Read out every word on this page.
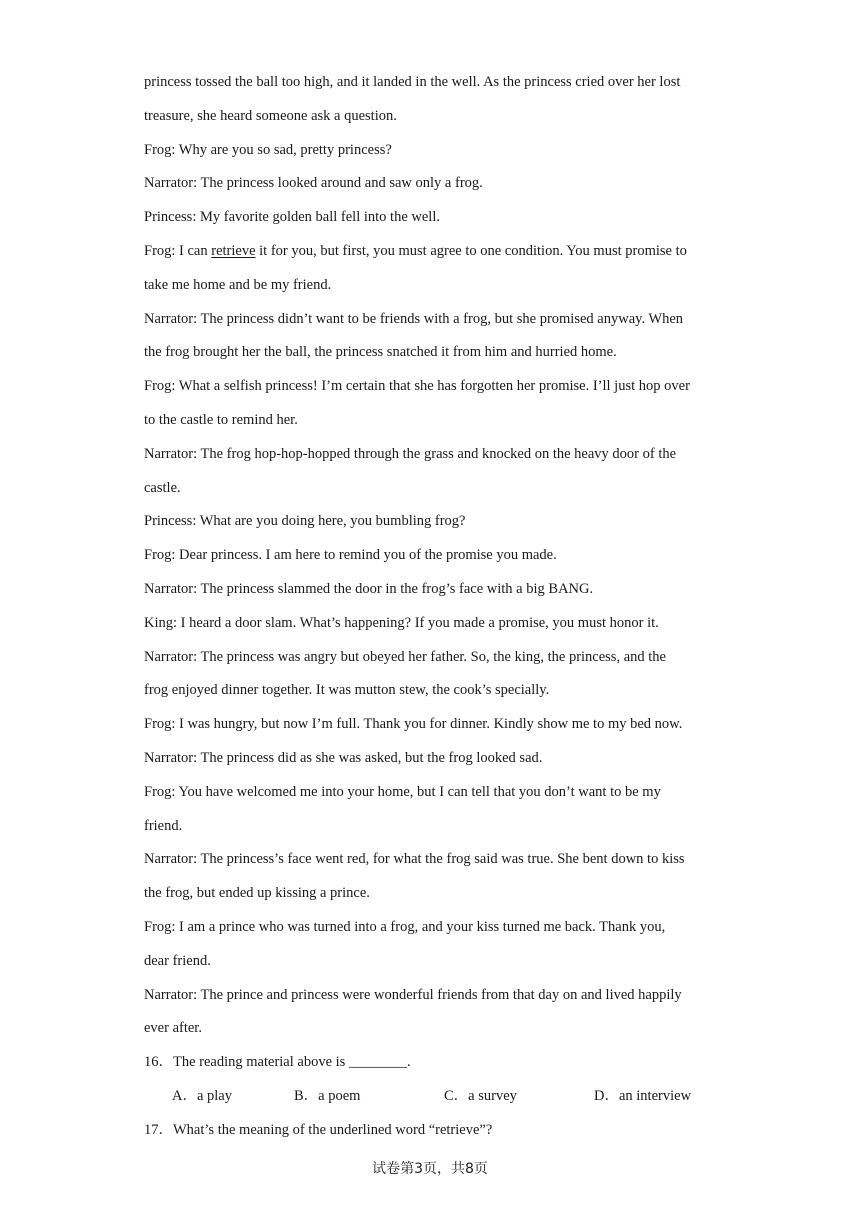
princess tossed the ball too high, and it landed in the well. As the princess cried over her lost
treasure, she heard someone ask a question.
Frog: Why are you so sad, pretty princess?
Narrator: The princess looked around and saw only a frog.
Princess: My favorite golden ball fell into the well.
Frog: I can retrieve it for you, but first, you must agree to one condition. You must promise to
take me home and be my friend.
Narrator: The princess didn’t want to be friends with a frog, but she promised anyway. When
the frog brought her the ball, the princess snatched it from him and hurried home.
Frog: What a selfish princess! I’m certain that she has forgotten her promise. I’ll just hop over
to the castle to remind her.
Narrator: The frog hop-hop-hopped through the grass and knocked on the heavy door of the
castle.
Princess: What are you doing here, you bumbling frog?
Frog: Dear princess. I am here to remind you of the promise you made.
Narrator: The princess slammed the door in the frog’s face with a big BANG.
King: I heard a door slam. What’s happening? If you made a promise, you must honor it.
Narrator: The princess was angry but obeyed her father. So, the king, the princess, and the
frog enjoyed dinner together. It was mutton stew, the cook’s specially.
Frog: I was hungry, but now I’m full. Thank you for dinner. Kindly show me to my bed now.
Narrator: The princess did as she was asked, but the frog looked sad.
Frog: You have welcomed me into your home, but I can tell that you don’t want to be my
friend.
Narrator: The princess’s face went red, for what the frog said was true. She bent down to kiss
the frog, but ended up kissing a prince.
Frog: I am a prince who was turned into a frog, and your kiss turned me back. Thank you,
dear friend.
Narrator: The prince and princess were wonderful friends from that day on and lived happily
ever after.
16．The reading material above is ________.
A．a play	B．a poem	C．a survey	D．an interview
17．What’s the meaning of the underlined word “retrieve”?
试卷第3页，共8页
